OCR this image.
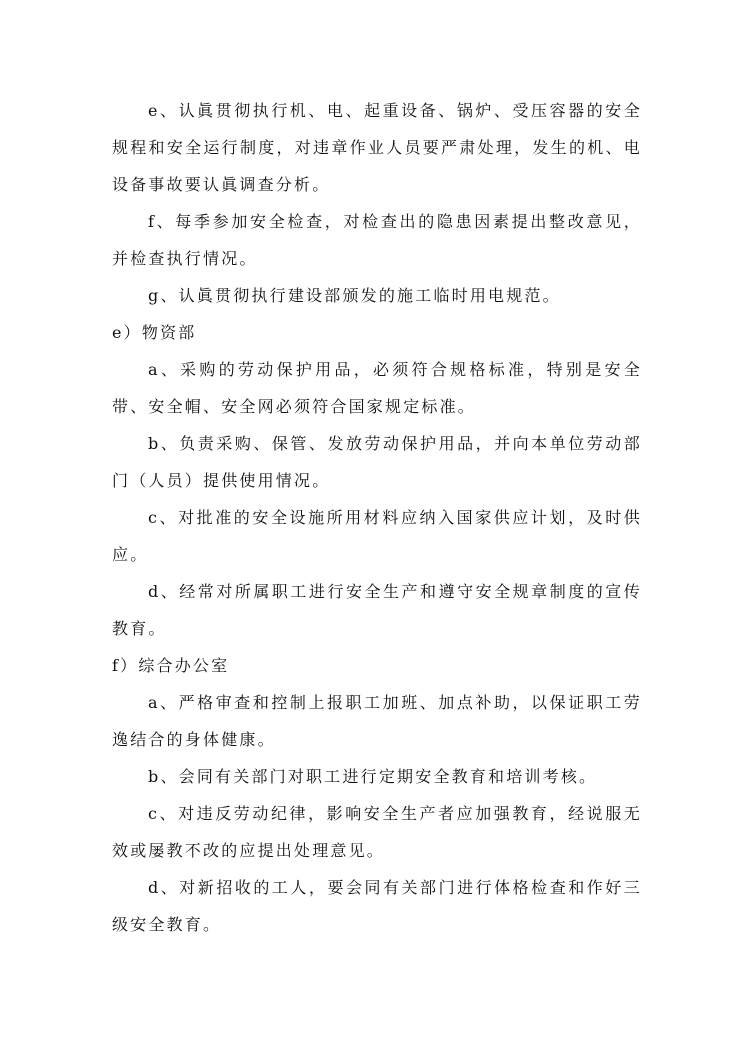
e、认眞贯彻执行机、电、起重设备、锅炉、受压容器的安全规程和安全运行制度，对违章作业人员要严肃处理，发生的机、电设备事故要认眞调查分析。

f、每季参加安全检查，对检查出的隐患因素提出整改意见，并检查执行情况。

g、认眞贯彻执行建设部颁发的施工临时用电规范。

e）物资部

a、采购的劳动保护用品，必须符合规格标准，特别是安全带、安全帽、安全网必须符合国家规定标准。

b、负责采购、保管、发放劳动保护用品，并向本单位劳动部门（人员）提供使用情况。

c、对批准的安全设施所用材料应纳入国家供应计划，及时供应。

d、经常对所属职工进行安全生产和遵守安全规章制度的宣传教育。

f）综合办公室

a、严格审查和控制上报职工加班、加点补助，以保证职工劳逸结合的身体健康。

b、会同有关部门对职工进行定期安全教育和培训考核。

c、对违反劳动纪律，影响安全生产者应加强教育，经说服无效或屡教不改的应提出处理意见。

d、对新招收的工人，要会同有关部门进行体格检查和作好三级安全教育。
